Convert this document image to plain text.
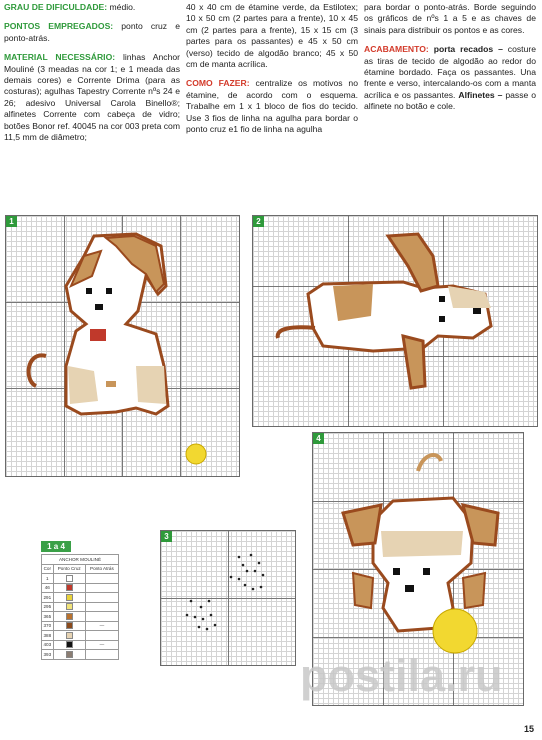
GRAU DE DIFICULDADE: médio.

PONTOS EMPREGADOS: ponto cruz e ponto-atrás.

MATERIAL NECESSÁRIO: linhas Anchor Mouliné (3 meadas na cor 1; e 1 meada das demais cores) e Corrente Drima (para as costuras); agulhas Tapestry Corrente nºs 24 e 26; adesivo Universal Carola Binello®; alfinetes Corrente com cabeça de vidro; botões Bonor ref. 40045 na cor 003 preta com 11,5 mm de diâmetro;

40 x 40 cm de étamine verde, da Estilotex; 10 x 50 cm (2 partes para a frente), 10 x 45 cm (2 partes para a frente), 15 x 15 cm (3 partes para os passantes) e 45 x 50 cm (verso) tecido de algodão branco; 45 x 50 cm de manta acrílica.

COMO FAZER: centralize os motivos no étamine, de acordo com o esquema. Trabalhe em 1 x 1 bloco de fios do tecido. Use 3 fios de linha na agulha para bordar o ponto cruz e1 fio de linha na agulha

para bordar o ponto-atrás. Borde seguindo os gráficos de nºs 1 a 5 e as chaves de sinais para distribuir os pontos e as cores.

ACABAMENTO: porta recados – costure as tiras de tecido de algodão ao redor do étamine bordado. Faça os passantes. Una frente e verso, intercalando-os com a manta acrílica e os passantes. Alfinetes – passe o alfinete no botão e cole.

1	2
4
3
1 a 4
ANCHOR MOULINÉ		
Cor	Ponto Cruz	Ponto Atrás
1		
46		
291		
295		
365		
370		—
388		
403		—
393			postila.ru
15
